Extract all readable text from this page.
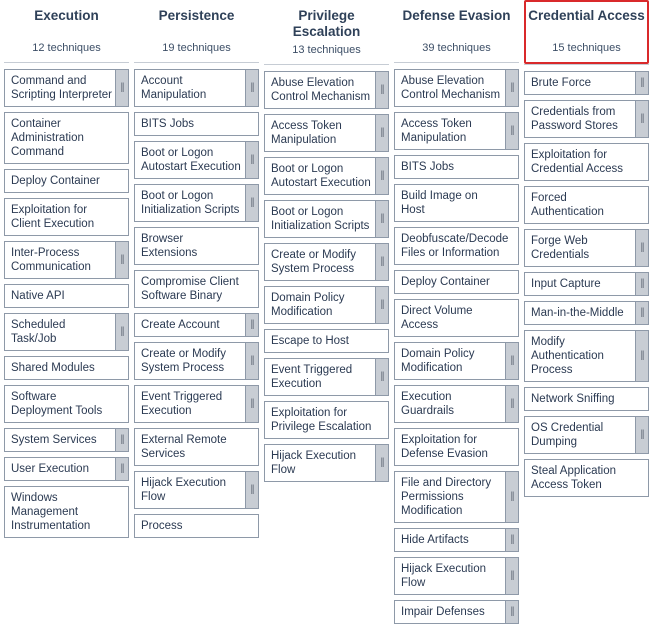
Execution
12 techniques
Command and Scripting Interpreter ‖
Container Administration Command
Deploy Container
Exploitation for Client Execution
Inter-Process Communication	‖
Native API
Scheduled Task/Job	‖
Shared Modules
Software Deployment Tools
System Services	‖
User Execution	‖
Windows Management Instrumentation
Persistence
19 techniques
Account Manipulation	‖
BITS Jobs
Boot or Logon Autostart Execution	‖
Boot or Logon Initialization Scripts	‖
Browser Extensions
Compromise Client Software Binary
Create Account	‖
Create or Modify System Process	‖
Event Triggered Execution	‖
External Remote Services
Hijack Execution Flow	‖
Process
Privilege Escalation
13 techniques
Abuse Elevation Control Mechanism	‖
Access Token Manipulation	‖
Boot or Logon Autostart Execution	‖
Boot or Logon Initialization Scripts	‖
Create or Modify System Process	‖
Domain Policy Modification	‖
Escape to Host
Event Triggered Execution	‖
Exploitation for Privilege Escalation
Hijack Execution Flow	‖
Defense Evasion
39 techniques
Abuse Elevation Control Mechanism	‖
Access Token Manipulation	‖
BITS Jobs
Build Image on Host
Deobfuscate/Decode Files or Information
Deploy Container
Direct Volume Access
Domain Policy Modification	‖
Execution Guardrails	‖
Exploitation for Defense Evasion
File and Directory Permissions Modification
‖
Hide Artifacts	‖
Hijack Execution Flow	‖
Impair Defenses	‖
Credential Access
15 techniques
Brute Force	‖
Credentials from Password Stores	‖
Exploitation for Credential Access
Forced Authentication
Forge Web Credentials	‖
Input Capture	‖
Man-in-the-Middle	‖
Modify Authentication Process
‖
Network Sniffing
OS Credential Dumping	‖
Steal Application Access Token
